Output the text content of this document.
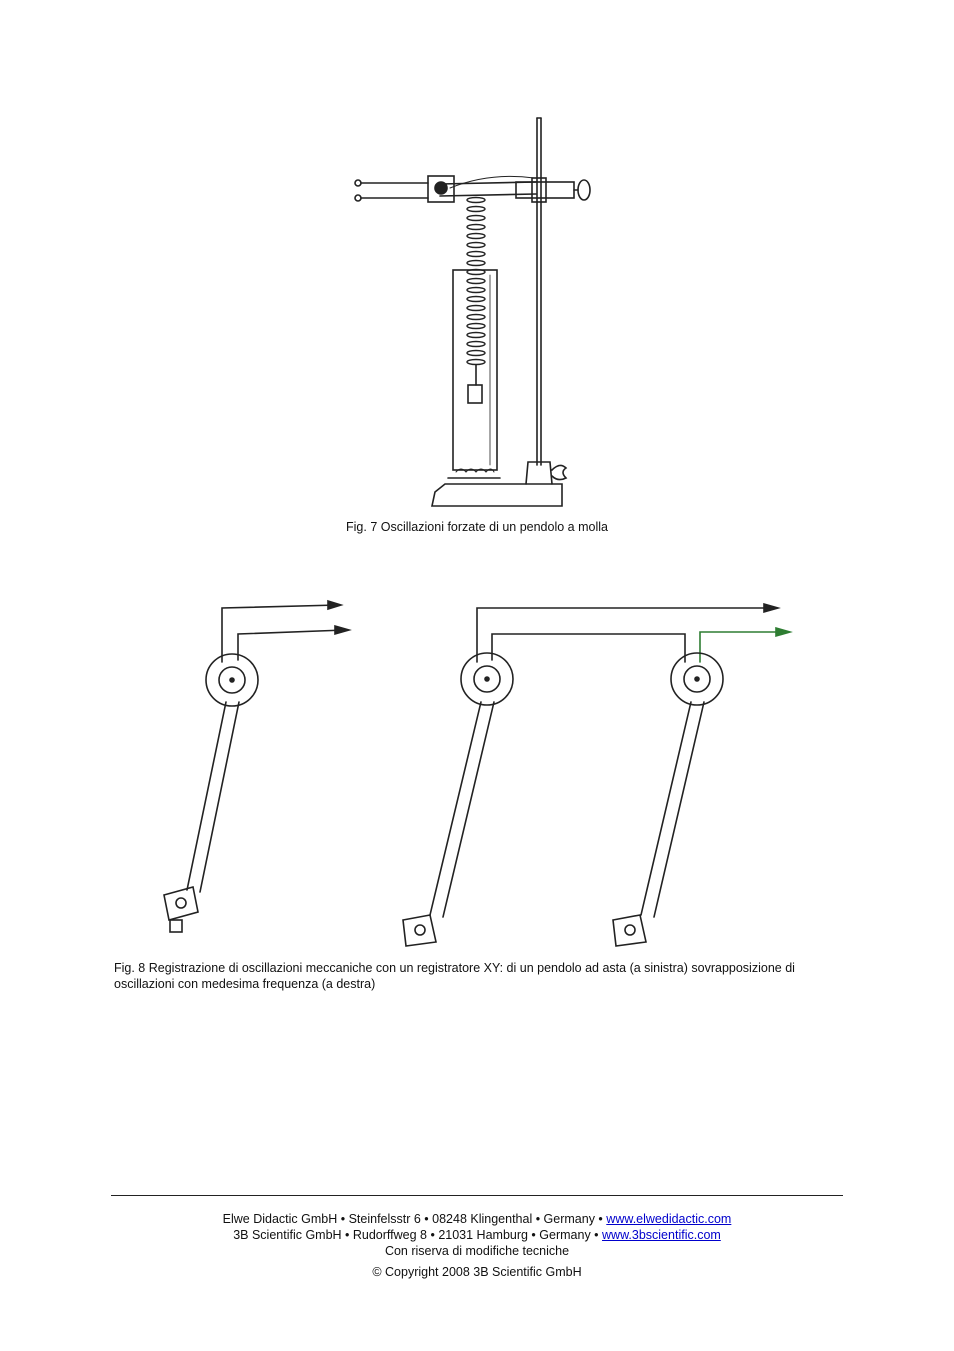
Fig. 7 Oscillazioni forzate di un pendolo a molla
Fig. 8 Registrazione di oscillazioni meccaniche con un registratore XY: di un pendolo ad asta (a sinistra) sovrapposizione di oscillazioni con medesima frequenza (a destra)
Elwe Didactic GmbH • Steinfelsstr 6 • 08248 Klingenthal • Germany • www.elwedidactic.com
3B Scientific GmbH • Rudorffweg 8 • 21031 Hamburg • Germany • www.3bscientific.com
Con riserva di modifiche tecniche
© Copyright 2008 3B Scientific GmbH
